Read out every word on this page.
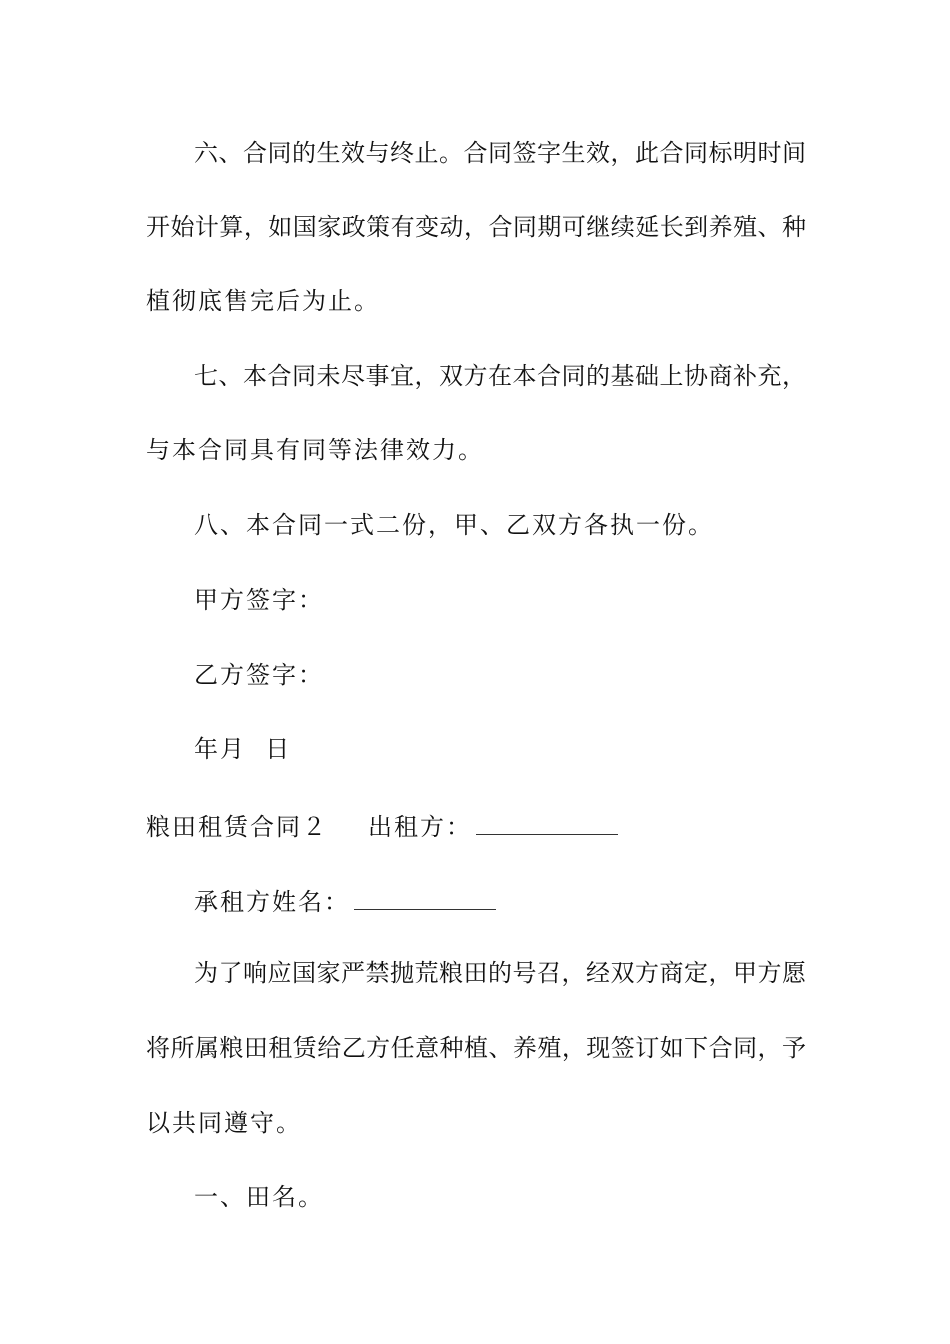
六、合同的生效与终止。合同签字生效，此合同标明时间
开始计算，如国家政策有变动，合同期可继续延长到养殖、种
植彻底售完后为止。
七、本合同未尽事宜，双方在本合同的基础上协商补充，
与本合同具有同等法律效力。
八、本合同一式二份，甲、乙双方各执一份。
甲方签字：
乙方签字：
年月  日
粮田租赁合同２ 出租方：
承租方姓名：
为了响应国家严禁抛荒粮田的号召，经双方商定，甲方愿
将所属粮田租赁给乙方任意种植、养殖，现签订如下合同，予
以共同遵守。
一、田名。
